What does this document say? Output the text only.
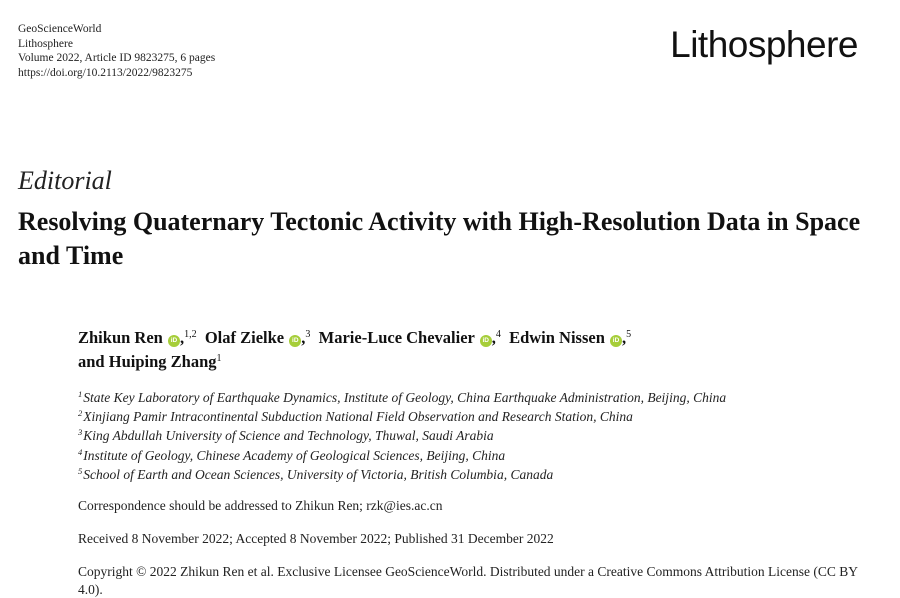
GeoScienceWorld
Lithosphere
Volume 2022, Article ID 9823275, 6 pages
https://doi.org/10.2113/2022/9823275
Lithosphere
Editorial
Resolving Quaternary Tectonic Activity with High-Resolution Data in Space and Time
Zhikun Ren iD ,$^{1,2}$ Olaf Zielke iD ,$^3$ Marie-Luce Chevalier iD ,$^4$ Edwin Nissen iD ,$^5$
and Huiping Zhang$^1$
$^1$State Key Laboratory of Earthquake Dynamics, Institute of Geology, China Earthquake Administration, Beijing, China
$^2$Xinjiang Pamir Intracontinental Subduction National Field Observation and Research Station, China
$^3$King Abdullah University of Science and Technology, Thuwal, Saudi Arabia
$^4$Institute of Geology, Chinese Academy of Geological Sciences, Beijing, China
$^5$School of Earth and Ocean Sciences, University of Victoria, British Columbia, Canada
Correspondence should be addressed to Zhikun Ren; rzk@ies.ac.cn
Received 8 November 2022; Accepted 8 November 2022; Published 31 December 2022
Copyright © 2022 Zhikun Ren et al. Exclusive Licensee GeoScienceWorld. Distributed under a Creative Commons Attribution License (CC BY 4.0).
